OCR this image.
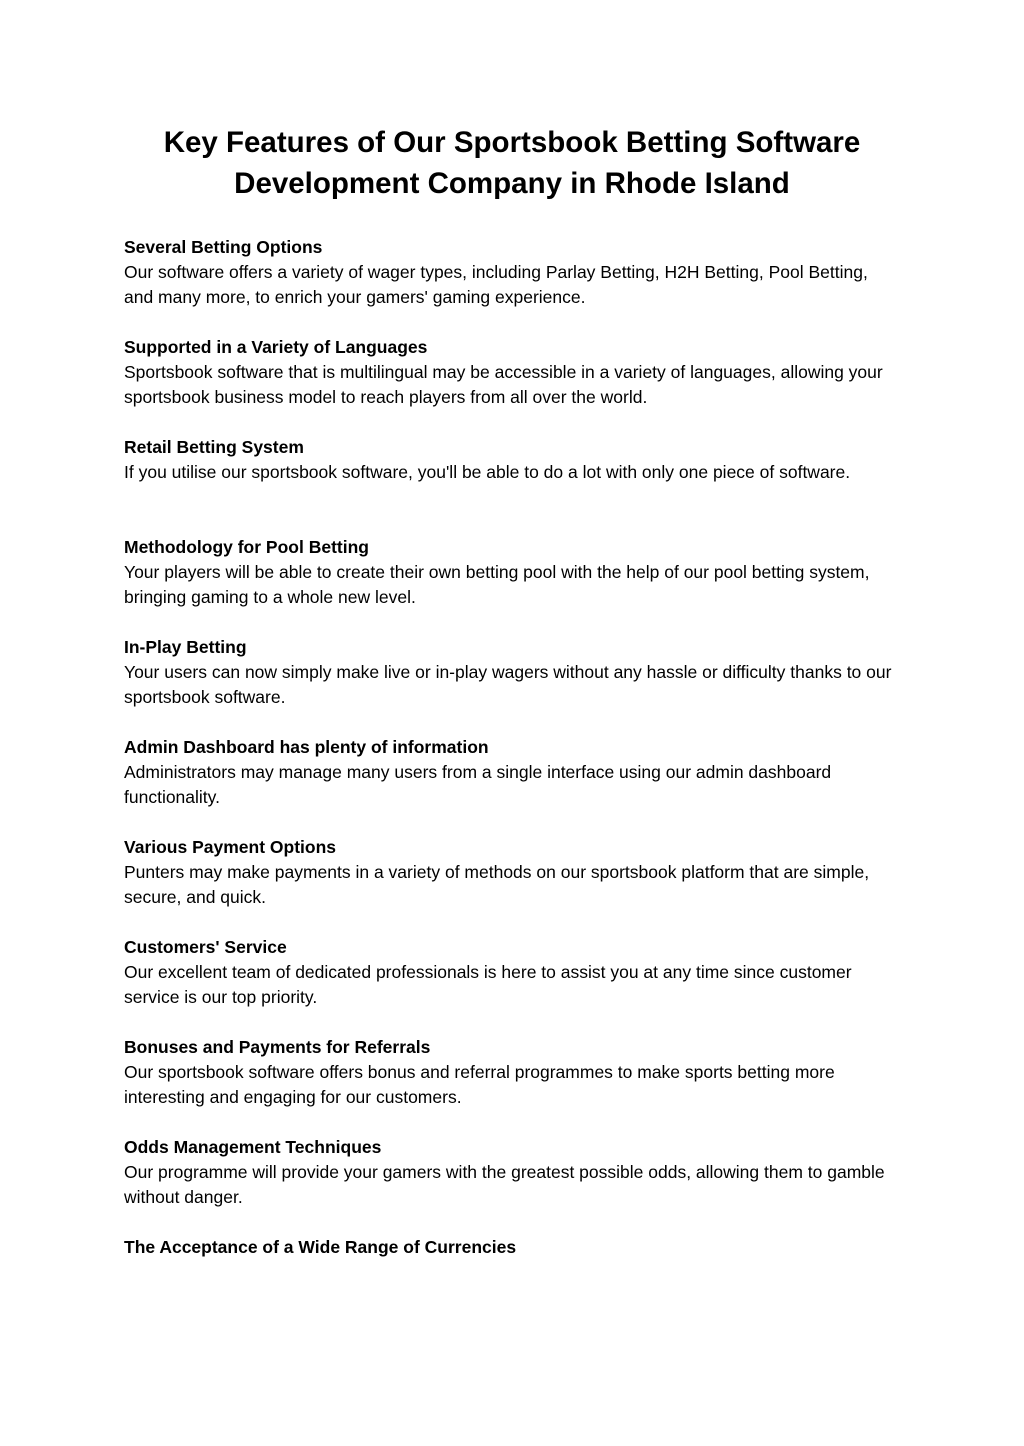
Key Features of Our Sportsbook Betting Software
Development Company in Rhode Island
Several Betting Options

Our software offers a variety of wager types, including Parlay Betting, H2H Betting, Pool Betting, and many more, to enrich your gamers' gaming experience.

Supported in a Variety of Languages

Sportsbook software that is multilingual may be accessible in a variety of languages, allowing your sportsbook business model to reach players from all over the world.

Retail Betting System

If you utilise our sportsbook software, you'll be able to do a lot with only one piece of software.

Methodology for Pool Betting

Your players will be able to create their own betting pool with the help of our pool betting system, bringing gaming to a whole new level.

In-Play Betting

Your users can now simply make live or in-play wagers without any hassle or difficulty thanks to our sportsbook software.

Admin Dashboard has plenty of information

Administrators may manage many users from a single interface using our admin dashboard functionality.

Various Payment Options

Punters may make payments in a variety of methods on our sportsbook platform that are simple, secure, and quick.

Customers' Service

Our excellent team of dedicated professionals is here to assist you at any time since customer service is our top priority.

Bonuses and Payments for Referrals

Our sportsbook software offers bonus and referral programmes to make sports betting more interesting and engaging for our customers.

Odds Management Techniques

Our programme will provide your gamers with the greatest possible odds, allowing them to gamble without danger.

The Acceptance of a Wide Range of Currencies
